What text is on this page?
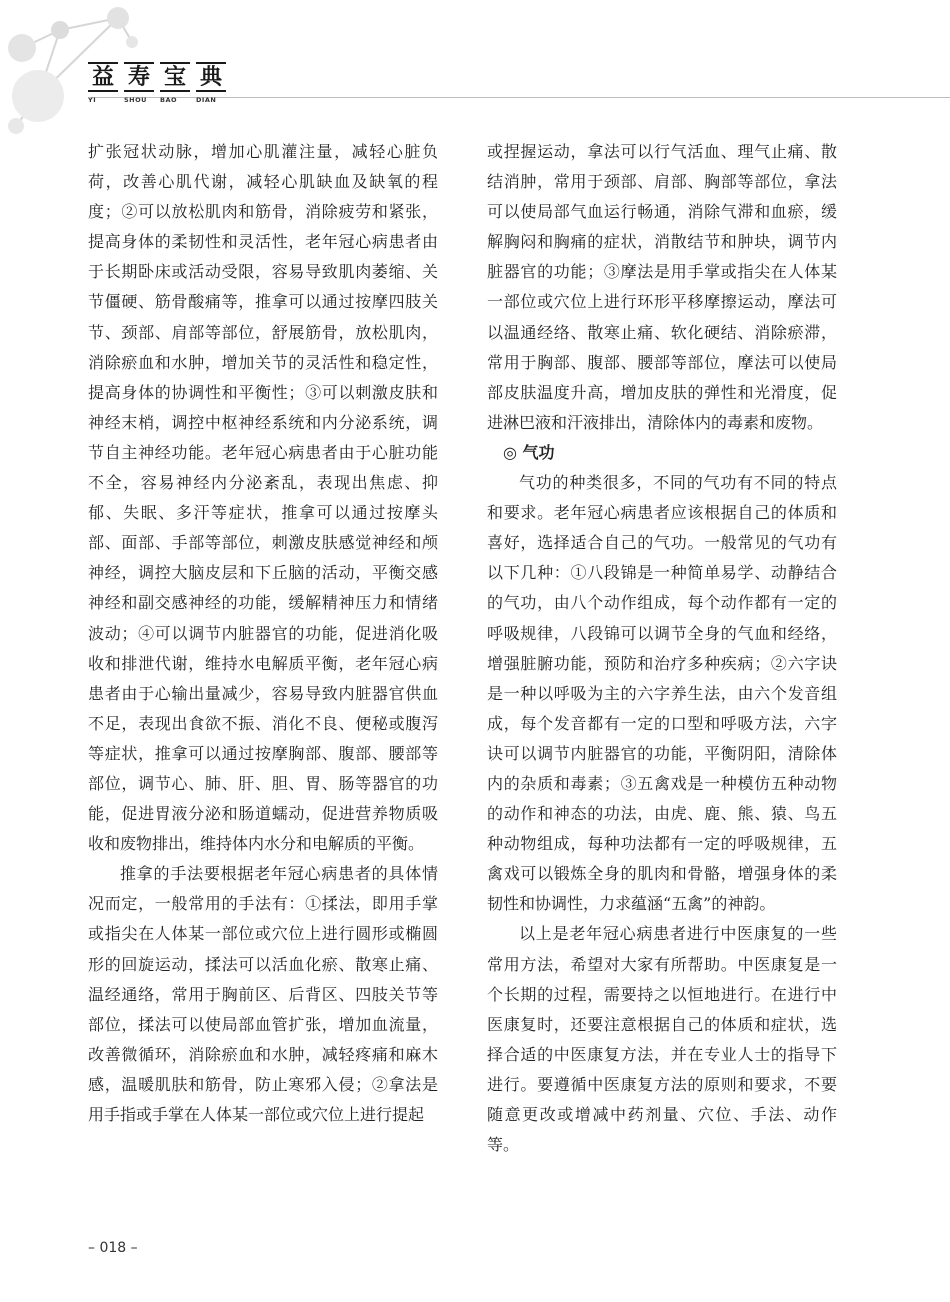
益 寿 宝 典
YI	SHOU	BAO	DIAN

扩张冠状动脉，增加心肌灌注量，减轻心脏负荷，改善心肌代谢，减轻心肌缺血及缺氧的程度；②可以放松肌肉和筋骨，消除疲劳和紧张，提高身体的柔韧性和灵活性，老年冠心病患者由于长期卧床或活动受限，容易导致肌肉萎缩、关节僵硬、筋骨酸痛等，推拿可以通过按摩四肢关节、颈部、肩部等部位，舒展筋骨，放松肌肉，消除瘀血和水肿，增加关节的灵活性和稳定性，提高身体的协调性和平衡性；③可以刺激皮肤和神经末梢，调控中枢神经系统和内分泌系统，调节自主神经功能。老年冠心病患者由于心脏功能不全，容易神经内分泌紊乱，表现出焦虑、抑郁、失眠、多汗等症状，推拿可以通过按摩头部、面部、手部等部位，刺激皮肤感觉神经和颅神经，调控大脑皮层和下丘脑的活动，平衡交感神经和副交感神经的功能，缓解精神压力和情绪波动；④可以调节内脏器官的功能，促进消化吸收和排泄代谢，维持水电解质平衡，老年冠心病患者由于心输出量减少，容易导致内脏器官供血不足，表现出食欲不振、消化不良、便秘或腹泻等症状，推拿可以通过按摩胸部、腹部、腰部等部位，调节心、肺、肝、胆、胃、肠等器官的功能，促进胃液分泌和肠道蠕动，促进营养物质吸收和废物排出，维持体内水分和电解质的平衡。

推拿的手法要根据老年冠心病患者的具体情况而定，一般常用的手法有：①揉法，即用手掌或指尖在人体某一部位或穴位上进行圆形或椭圆形的回旋运动，揉法可以活血化瘀、散寒止痛、温经通络，常用于胸前区、后背区、四肢关节等部位，揉法可以使局部血管扩张，增加血流量，改善微循环，消除瘀血和水肿，减轻疼痛和麻木感，温暖肌肤和筋骨，防止寒邪入侵；②拿法是用手指或手掌在人体某一部位或穴位上进行提起

或捏握运动，拿法可以行气活血、理气止痛、散结消肿，常用于颈部、肩部、胸部等部位，拿法可以使局部气血运行畅通，消除气滞和血瘀，缓解胸闷和胸痛的症状，消散结节和肿块，调节内脏器官的功能；③摩法是用手掌或指尖在人体某一部位或穴位上进行环形平移摩擦运动，摩法可以温通经络、散寒止痛、软化硬结、消除瘀滞，常用于胸部、腹部、腰部等部位，摩法可以使局部皮肤温度升高，增加皮肤的弹性和光滑度，促进淋巴液和汗液排出，清除体内的毒素和废物。

◎ 气功

气功的种类很多，不同的气功有不同的特点和要求。老年冠心病患者应该根据自己的体质和喜好，选择适合自己的气功。一般常见的气功有以下几种：①八段锦是一种简单易学、动静结合的气功，由八个动作组成，每个动作都有一定的呼吸规律，八段锦可以调节全身的气血和经络，增强脏腑功能，预防和治疗多种疾病；②六字诀是一种以呼吸为主的六字养生法，由六个发音组成，每个发音都有一定的口型和呼吸方法，六字诀可以调节内脏器官的功能，平衡阴阳，清除体内的杂质和毒素；③五禽戏是一种模仿五种动物的动作和神态的功法，由虎、鹿、熊、猿、鸟五种动物组成，每种功法都有一定的呼吸规律，五禽戏可以锻炼全身的肌肉和骨骼，增强身体的柔韧性和协调性，力求蕴涵“五禽”的神韵。

以上是老年冠心病患者进行中医康复的一些常用方法，希望对大家有所帮助。中医康复是一个长期的过程，需要持之以恒地进行。在进行中医康复时，还要注意根据自己的体质和症状，选择合适的中医康复方法，并在专业人士的指导下进行。要遵循中医康复方法的原则和要求，不要随意更改或增减中药剂量、穴位、手法、动作等。

– 018 –
